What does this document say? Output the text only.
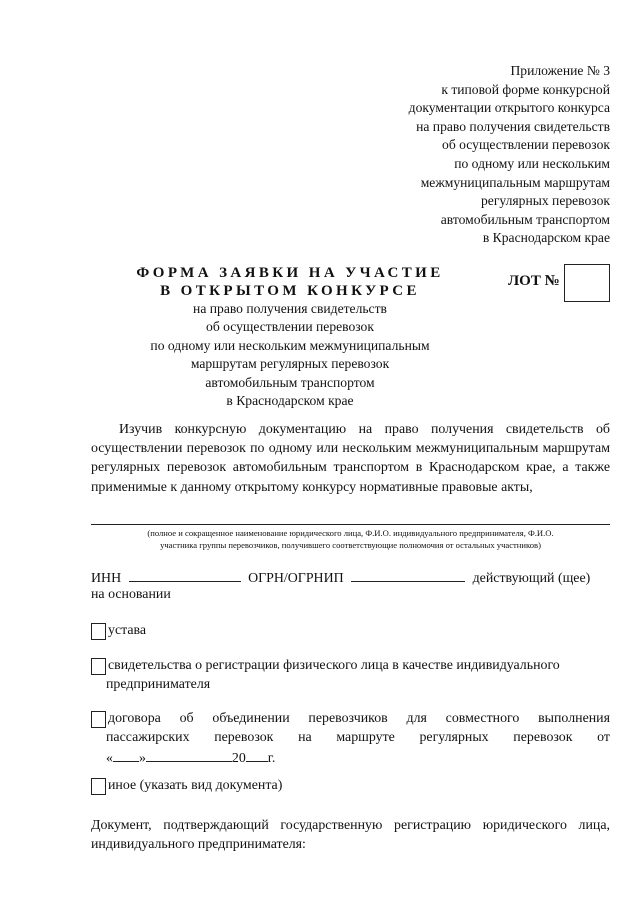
Приложение № 3
к типовой форме конкурсной
документации открытого конкурса
на право получения свидетельств
об осуществлении перевозок
по одному или нескольким
межмуниципальным маршрутам
регулярных перевозок
автомобильным транспортом
в Краснодарском крае
ФОРМА ЗАЯВКИ НА УЧАСТИЕ
В ОТКРЫТОМ КОНКУРСЕ
на право получения свидетельств
об осуществлении перевозок
по одному или нескольким межмуниципальным
маршрутам регулярных перевозок
автомобильным транспортом
в Краснодарском крае
ЛОТ №
Изучив конкурсную документацию на право получения свидетельств об осуществлении перевозок по одному или нескольким межмуниципальным маршрутам регулярных перевозок автомобильным транспортом в Краснодарском крае, а также применимые к данному открытому конкурсу нормативные правовые акты,
(полное и сокращенное наименование юридического лица, Ф.И.О. индивидуального предпринимателя, Ф.И.О.
участника группы перевозчиков, получившего соответствующие полномочия от остальных участников)
ИНН	ОГРН/ОГРНИП	действующий (щее)
на основании
устава
свидетельства о регистрации физического лица в качестве индивидуального
предпринимателя
договора об объединении перевозчиков для совместного выполнения
пассажирских перевозок на маршруте регулярных перевозок от
« »	20 г.
иное (указать вид документа)
Документ, подтверждающий государственную регистрацию юридического лица, индивидуального предпринимателя:
